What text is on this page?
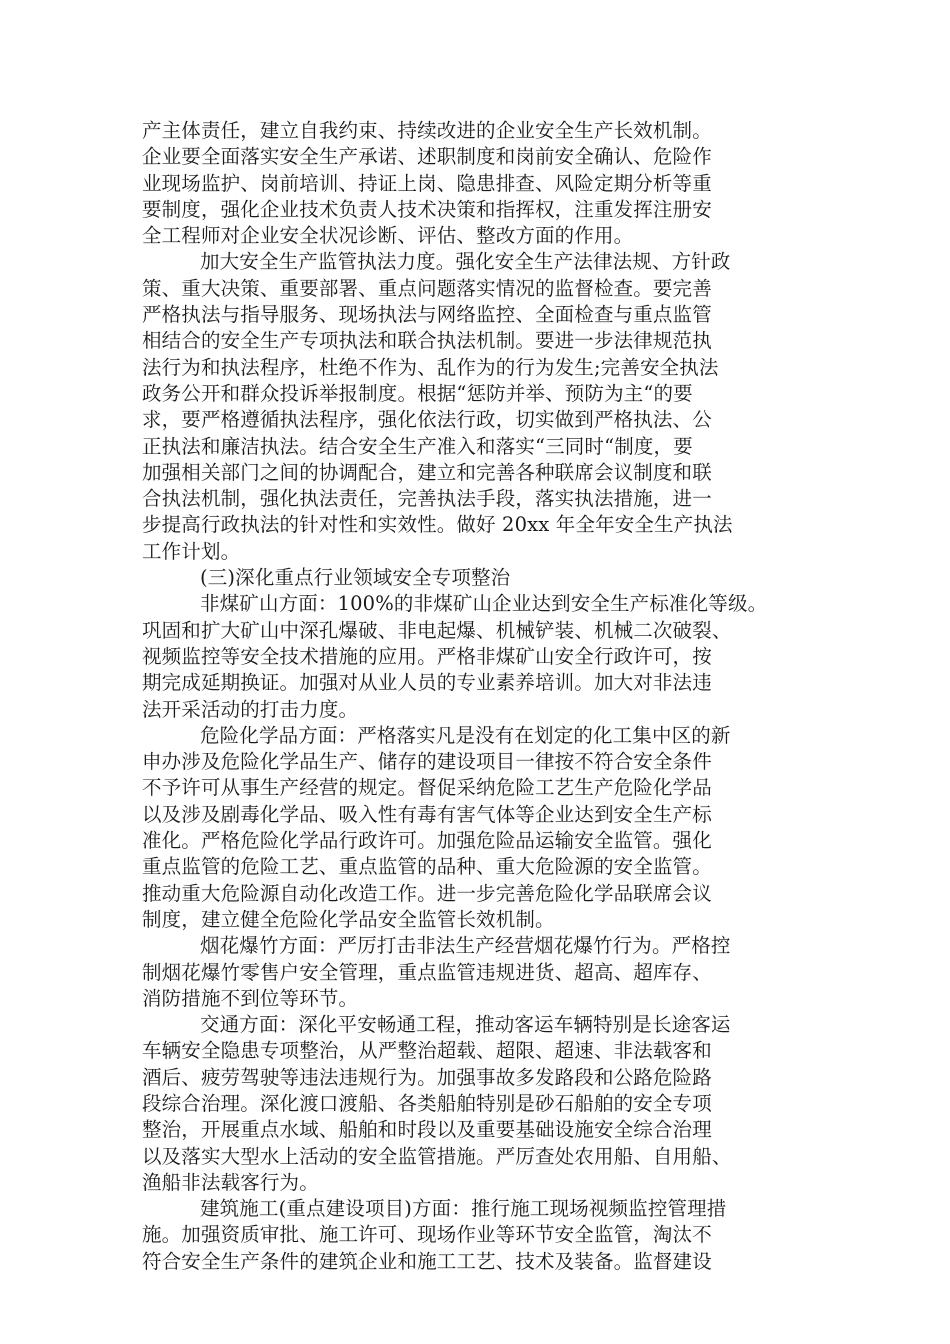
产主体责任，建立自我约束、持续改进的企业安全生产长效机制。
企业要全面落实安全生产承诺、述职制度和岗前安全确认、危险作
业现场监护、岗前培训、持证上岗、隐患排查、风险定期分析等重
要制度，强化企业技术负责人技术决策和指挥权，注重发挥注册安
全工程师对企业安全状况诊断、评估、整改方面的作用。
加大安全生产监管执法力度。强化安全生产法律法规、方针政
策、重大决策、重要部署、重点问题落实情况的监督检查。要完善
严格执法与指导服务、现场执法与网络监控、全面检查与重点监管
相结合的安全生产专项执法和联合执法机制。要进一步法律规范执
法行为和执法程序，杜绝不作为、乱作为的行为发生;完善安全执法
政务公开和群众投诉举报制度。根据“惩防并举、预防为主“的要
求，要严格遵循执法程序，强化依法行政，切实做到严格执法、公
正执法和廉洁执法。结合安全生产准入和落实“三同时“制度，要
加强相关部门之间的协调配合，建立和完善各种联席会议制度和联
合执法机制，强化执法责任，完善执法手段，落实执法措施，进一
步提高行政执法的针对性和实效性。做好 20xx 年全年安全生产执法
工作计划。
(三)深化重点行业领域安全专项整治
非煤矿山方面：100%的非煤矿山企业达到安全生产标准化等级。
巩固和扩大矿山中深孔爆破、非电起爆、机械铲装、机械二次破裂、
视频监控等安全技术措施的应用。严格非煤矿山安全行政许可，按
期完成延期换证。加强对从业人员的专业素养培训。加大对非法违
法开采活动的打击力度。
危险化学品方面：严格落实凡是没有在划定的化工集中区的新
申办涉及危险化学品生产、储存的建设项目一律按不符合安全条件
不予许可从事生产经营的规定。督促采纳危险工艺生产危险化学品
以及涉及剧毒化学品、吸入性有毒有害气体等企业达到安全生产标
准化。严格危险化学品行政许可。加强危险品运输安全监管。强化
重点监管的危险工艺、重点监管的品种、重大危险源的安全监管。
推动重大危险源自动化改造工作。进一步完善危险化学品联席会议
制度，建立健全危险化学品安全监管长效机制。
烟花爆竹方面：严厉打击非法生产经营烟花爆竹行为。严格控
制烟花爆竹零售户安全管理，重点监管违规进货、超高、超库存、
消防措施不到位等环节。
交通方面：深化平安畅通工程，推动客运车辆特别是长途客运
车辆安全隐患专项整治，从严整治超载、超限、超速、非法载客和
酒后、疲劳驾驶等违法违规行为。加强事故多发路段和公路危险路
段综合治理。深化渡口渡船、各类船舶特别是砂石船舶的安全专项
整治，开展重点水域、船舶和时段以及重要基础设施安全综合治理
以及落实大型水上活动的安全监管措施。严厉查处农用船、自用船、
渔船非法载客行为。
建筑施工(重点建设项目)方面：推行施工现场视频监控管理措
施。加强资质审批、施工许可、现场作业等环节安全监管，淘汰不
符合安全生产条件的建筑企业和施工工艺、技术及装备。监督建设
